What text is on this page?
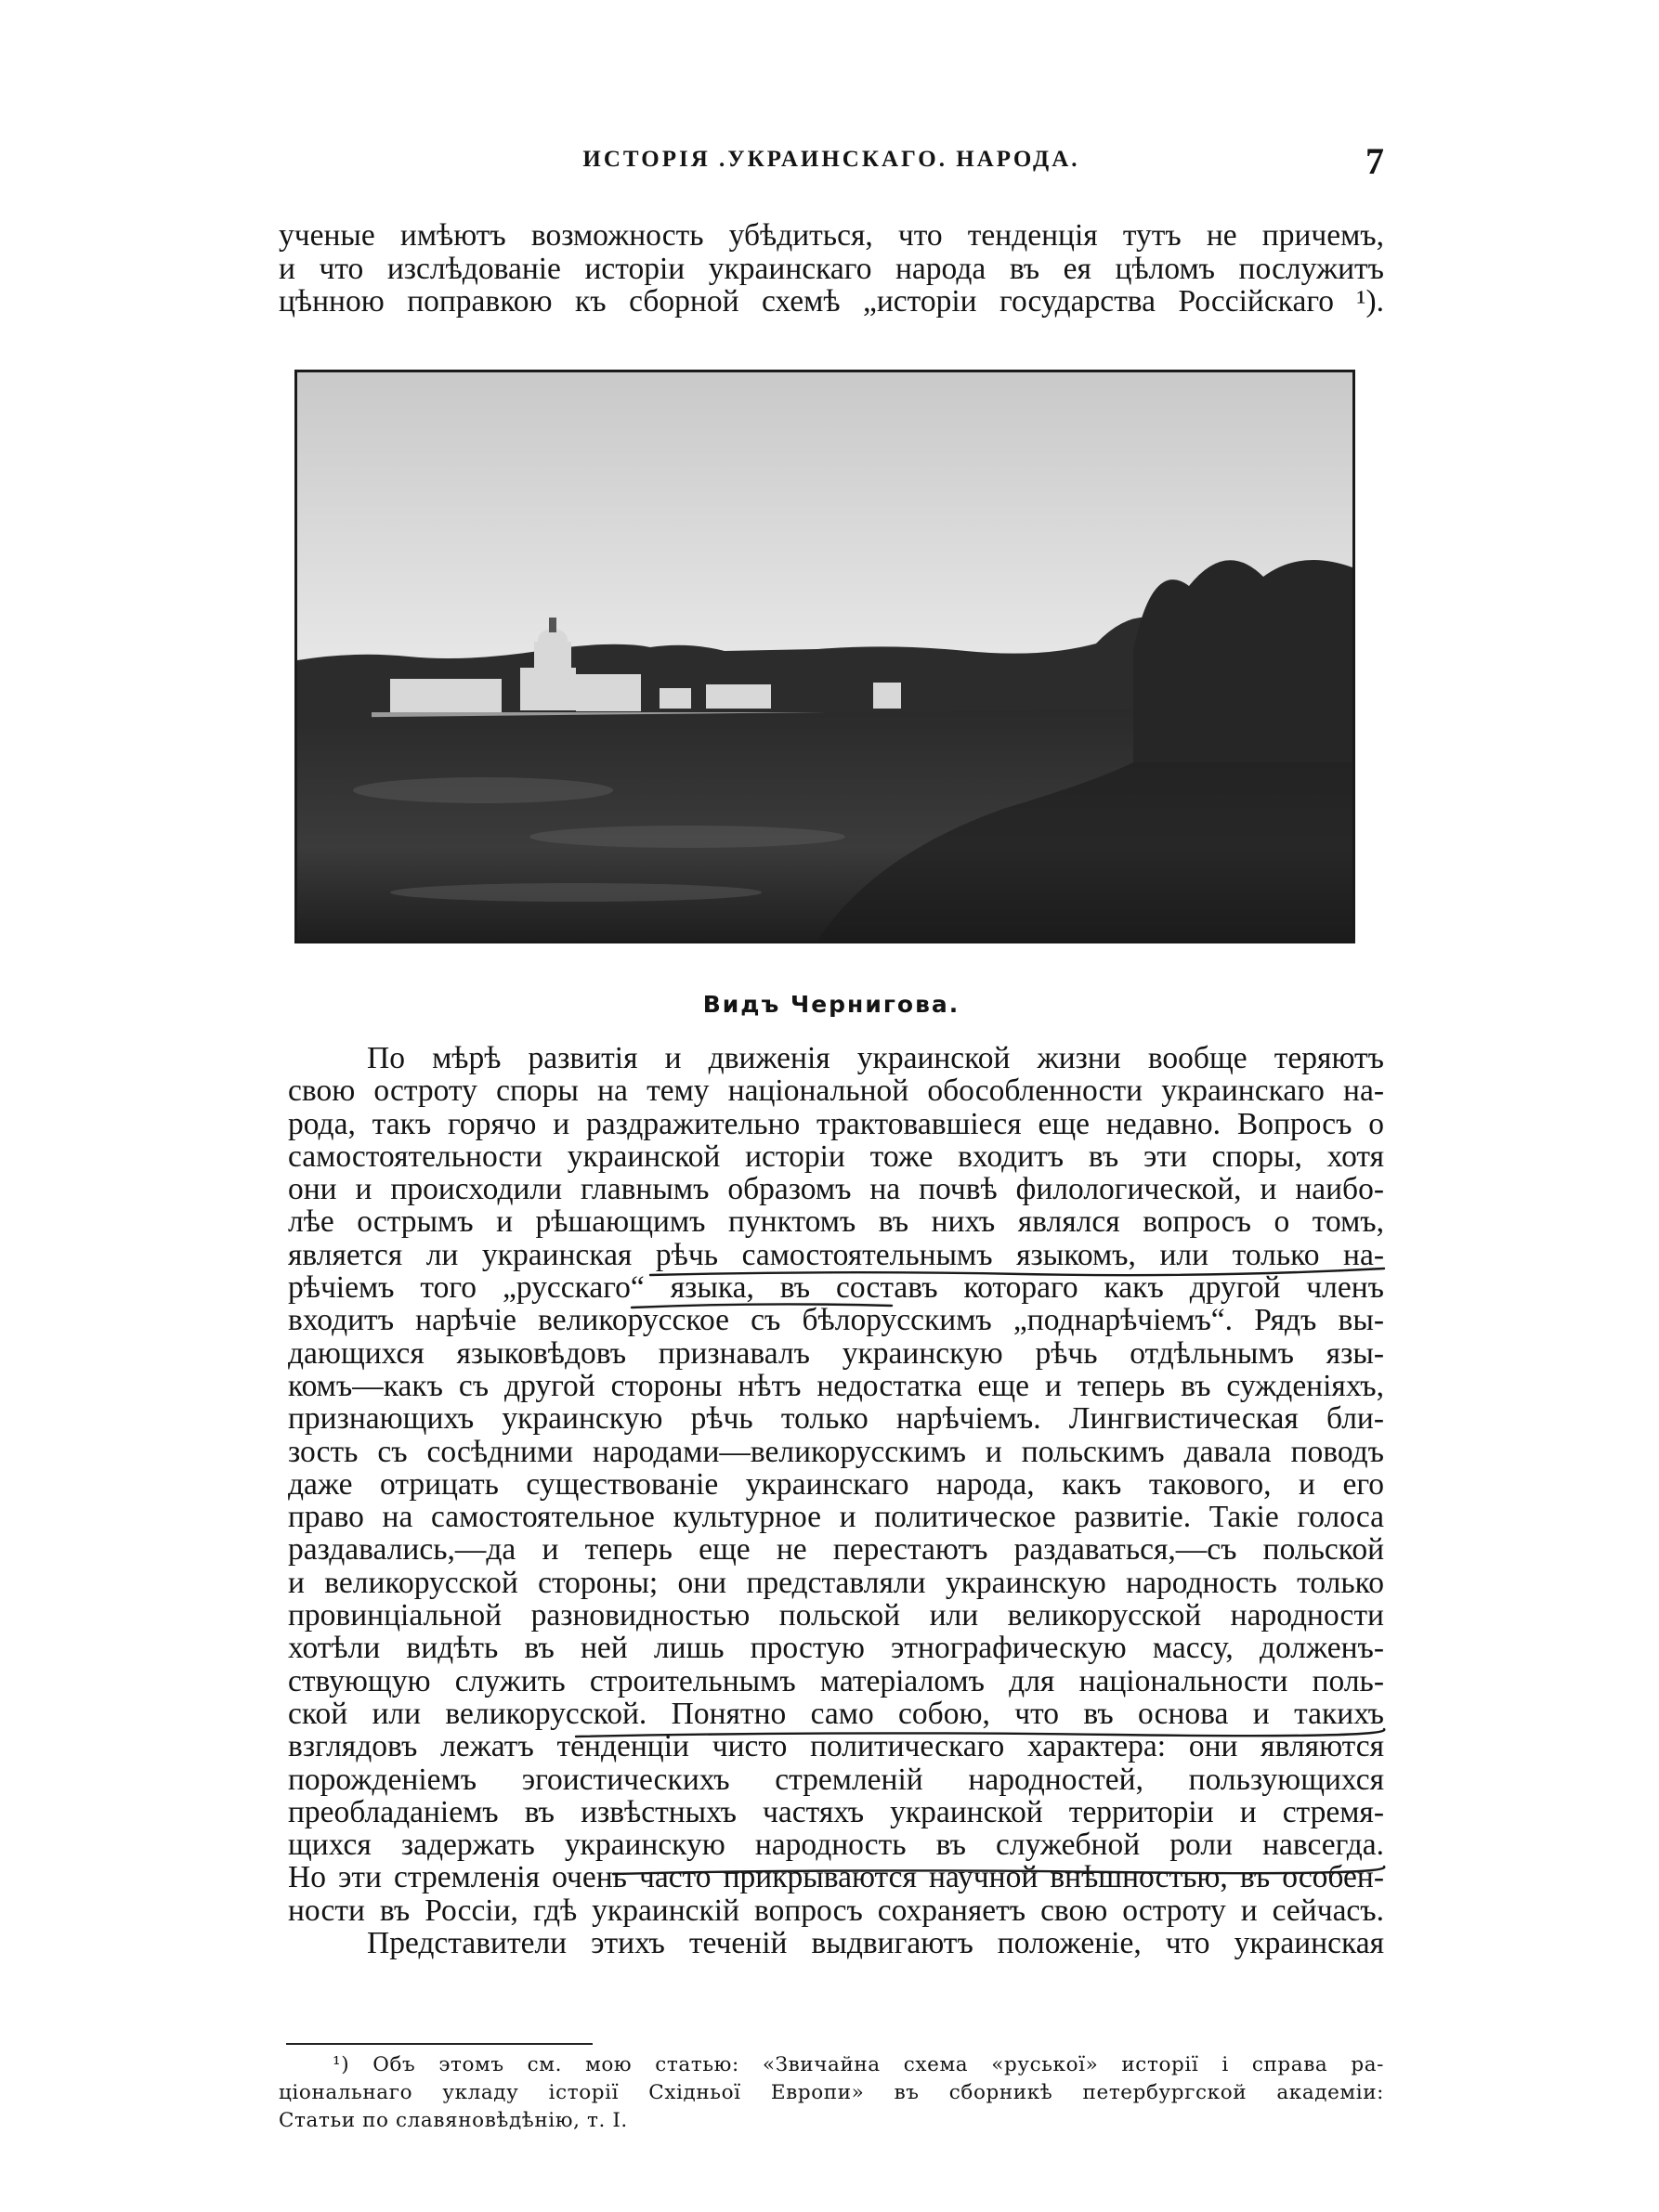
ИСТОРІЯ .УКРАИНСКАГО. НАРОДА.	7
ученые имѣютъ возможность убѣдиться, что тенденція тутъ не причемъ,
и что изслѣдованіе исторіи украинскаго народа въ ея цѣломъ послужитъ
цѣнною поправкою къ сборной схемѣ „исторіи государства Россійскаго ¹).
Видъ Чернигова.
По мѣрѣ развитія и движенія украинской жизни вообще теряютъ
свою остроту споры на тему національной обособленности украинскаго на-
рода, такъ горячо и раздражительно трактовавшіеся еще недавно. Вопросъ о
самостоятельности украинской исторіи тоже входитъ въ эти споры, хотя
они и происходили главнымъ образомъ на почвѣ филологической, и наибо-
лѣе острымъ и рѣшающимъ пунктомъ въ нихъ являлся вопросъ о томъ,
является ли украинская рѣчь самостоятельнымъ языкомъ, или только на-
рѣчіемъ того „русскаго“ языка, въ составъ котораго какъ другой членъ
входитъ нарѣчіе великорусское съ бѣлорусскимъ „поднарѣчіемъ“. Рядъ вы-
дающихся языковѣдовъ признавалъ украинскую рѣчь отдѣльнымъ язы-
комъ—какъ съ другой стороны нѣтъ недостатка еще и теперь въ сужденіяхъ,
признающихъ украинскую рѣчь только нарѣчіемъ. Лингвистическая бли-
зость съ сосѣдними народами—великорусскимъ и польскимъ давала поводъ
даже отрицать существованіе украинскаго народа, какъ такового, и его
право на самостоятельное культурное и политическое развитіе. Такіе голоса
раздавались,—да и теперь еще не перестаютъ раздаваться,—съ польской
и великорусской стороны; они представляли украинскую народность только
провинціальной разновидностью польской или великорусской народности
хотѣли видѣть въ ней лишь простую этнографическую массу, долженъ-
ствующую служить строительнымъ матеріаломъ для національности поль-
ской или великорусской. Понятно само собою, что въ основа и такихъ
взглядовъ лежатъ тенденціи чисто политическаго характера: они являются
порожденіемъ эгоистическихъ стремленій народностей, пользующихся
преобладаніемъ въ извѣстныхъ частяхъ украинской территоріи и стремя-
щихся задержать украинскую народность въ служебной роли навсегда.
Но эти стремленія очень часто прикрываются научной внѣшностью, въ особен-
ности въ Россіи, гдѣ украинскій вопросъ сохраняетъ свою остроту и сейчасъ.
Представители этихъ теченій выдвигаютъ положеніе, что украинская
¹) Объ этомъ см. мою статью: «Звичайна схема «руської» исторії і справа ра-
ціональнаго укладу історії Східньої Европи» въ сборникѣ петербургской академіи:
Статьи по славяновѣдѣнію, т. I.
